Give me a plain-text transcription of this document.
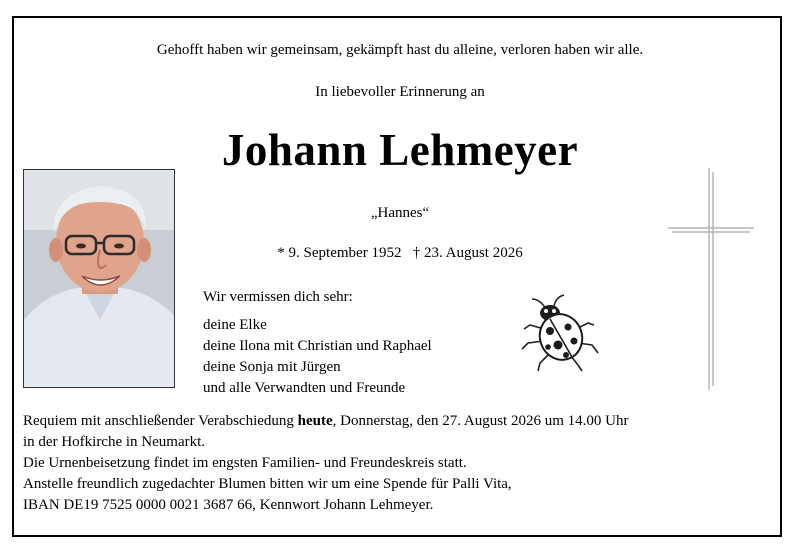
Gehofft haben wir gemeinsam, gekämpft hast du alleine, verloren haben wir alle.
In liebevoller Erinnerung an
Johann Lehmeyer
„Hannes“
* 9. September 1952   † 23. August 2026
Wir vermissen dich sehr:
deine Elke
deine Ilona mit Christian und Raphael
deine Sonja mit Jürgen
und alle Verwandten und Freunde
Requiem mit anschließender Verabschiedung heute, Donnerstag, den 27. August 2026 um 14.00 Uhr
in der Hofkirche in Neumarkt.
Die Urnenbeisetzung findet im engsten Familien- und Freundeskreis statt.
Anstelle freundlich zugedachter Blumen bitten wir um eine Spende für Palli Vita,
IBAN DE19 7525 0000 0021 3687 66, Kennwort Johann Lehmeyer.
